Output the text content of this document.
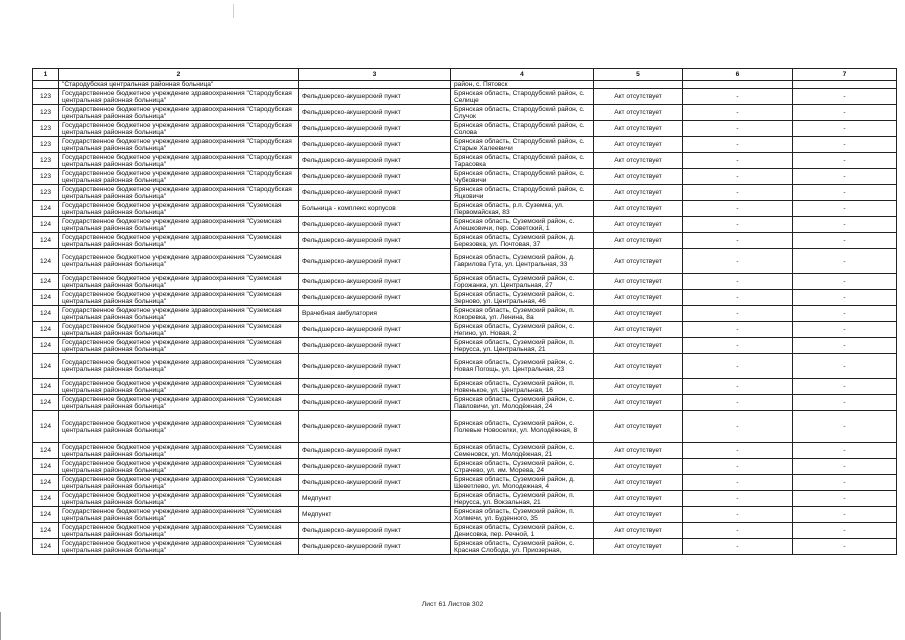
1	2	3	4	5	6	7
	"Стародубская центральная районная больница"		район, с. Пятовск			
123	Государственное бюджетное учреждение здравоохранения "Стародубская центральная районная больница"	Фельдшерско-акушерский пункт	Брянская область, Стародубский район, с. Селище	Акт отсутствует	-	-
123	Государственное бюджетное учреждение здравоохранения "Стародубская центральная районная больница"	Фельдшерско-акушерский пункт	Брянская область, Стародубский район, с. Случок	Акт отсутствует	-	-
123	Государственное бюджетное учреждение здравоохранения "Стародубская центральная районная больница"	Фельдшерско-акушерский пункт	Брянская область, Стародубский район, с. Солова	Акт отсутствует	-	-
123	Государственное бюджетное учреждение здравоохранения "Стародубская центральная районная больница"	Фельдшерско-акушерский пункт	Брянская область, Стародубский район, с. Старые Халеевичи	Акт отсутствует	-	-
123	Государственное бюджетное учреждение здравоохранения "Стародубская центральная районная больница"	Фельдшерско-акушерский пункт	Брянская область, Стародубский район, с. Тарасовка	Акт отсутствует	-	-
123	Государственное бюджетное учреждение здравоохранения "Стародубская центральная районная больница"	Фельдшерско-акушерский пункт	Брянская область, Стародубский район, с. Чубковичи	Акт отсутствует	-	-
123	Государственное бюджетное учреждение здравоохранения "Стародубская центральная районная больница"	Фельдшерско-акушерский пункт	Брянская область, Стародубский район, с. Яцковичи	Акт отсутствует	-	-
124	Государственное бюджетное учреждение здравоохранения "Суземская центральная районная больница"	Больница - комплекс корпусов	Брянская область, р.п. Суземка, ул. Первомайская, 83	Акт отсутствует	-	-
124	Государственное бюджетное учреждение здравоохранения "Суземская центральная районная больница"	Фельдшерско-акушерский пункт	Брянская область, Суземский район, с. Алешковичи, пер. Советский, 1	Акт отсутствует	-	-
124	Государственное бюджетное учреждение здравоохранения "Суземская центральная районная больница"	Фельдшерско-акушерский пункт	Брянская область, Суземский район, д. Березовка, ул. Почтовая, 37	Акт отсутствует	-	-
124	Государственное бюджетное учреждение здравоохранения "Суземская центральная районная больница"	Фельдшерско-акушерский пункт	Брянская область, Суземский район, д. Гаврилова Гута, ул. Центральная, 33	Акт отсутствует	-	-
124	Государственное бюджетное учреждение здравоохранения "Суземская центральная районная больница"	Фельдшерско-акушерский пункт	Брянская область, Суземский район, с. Горожанка, ул. Центральная, 27	Акт отсутствует	-	-
124	Государственное бюджетное учреждение здравоохранения "Суземская центральная районная больница"	Фельдшерско-акушерский пункт	Брянская область, Суземский район, с. Зерново, ул. Центральная, 46	Акт отсутствует	-	-
124	Государственное бюджетное учреждение здравоохранения "Суземская центральная районная больница"	Врачебная амбулатория	Брянская область, Суземский район, п. Кокоревка, ул. Ленина, 8а	Акт отсутствует	-	-
124	Государственное бюджетное учреждение здравоохранения "Суземская центральная районная больница"	Фельдшерско-акушерский пункт	Брянская область, Суземский район, с. Негино, ул. Новая, 2	Акт отсутствует	-	-
124	Государственное бюджетное учреждение здравоохранения "Суземская центральная районная больница"	Фельдшерско-акушерский пункт	Брянская область, Суземский район, п. Нерусса, ул. Центральная, 21	Акт отсутствует	-	-
124	Государственное бюджетное учреждение здравоохранения "Суземская центральная районная больница"	Фельдшерско-акушерский пункт	Брянская область, Суземский район, с. Новая Погощь, ул. Центральная, 23	Акт отсутствует	-	-
124	Государственное бюджетное учреждение здравоохранения "Суземская центральная районная больница"	Фельдшерско-акушерский пункт	Брянская область, Суземский район, п. Новенькое, ул. Центральная, 16	Акт отсутствует	-	-
124	Государственное бюджетное учреждение здравоохранения "Суземская центральная районная больница"	Фельдшерско-акушерский пункт	Брянская область, Суземский район, с. Павловичи, ул. Молодёжная, 24	Акт отсутствует	-	-
124	Государственное бюджетное учреждение здравоохранения "Суземская центральная районная больница"	Фельдшерско-акушерский пункт	Брянская область, Суземский район, с. Полевые Новоселки, ул. Молодёжная, 8	Акт отсутствует	-	-
124	Государственное бюджетное учреждение здравоохранения "Суземская центральная районная больница"	Фельдшерско-акушерский пункт	Брянская область, Суземский район, с. Семеновск, ул. Молодёжная, 21	Акт отсутствует	-	-
124	Государственное бюджетное учреждение здравоохранения "Суземская центральная районная больница"	Фельдшерско-акушерский пункт	Брянская область, Суземский район, с. Страчево, ул. им. Морева, 24	Акт отсутствует	-	-
124	Государственное бюджетное учреждение здравоохранения "Суземская центральная районная больница"	Фельдшерско-акушерский пункт	Брянская область, Суземский район, д. Шеветлево, ул. Молодежная, 4	Акт отсутствует	-	-
124	Государственное бюджетное учреждение здравоохранения "Суземская центральная районная больница"	Медпункт	Брянская область, Суземский район, п. Нерусса, ул. Вокзальная, 21	Акт отсутствует	-	-
124	Государственное бюджетное учреждение здравоохранения "Суземская центральная районная больница"	Медпункт	Брянская область, Суземский район, п. Холмечи, ул. Буденного, 35	Акт отсутствует	-	-
124	Государственное бюджетное учреждение здравоохранения "Суземская центральная районная больница"	Фельдшерско-акушерский пункт	Брянская область, Суземский район, с. Денисовка, пер. Речной, 1	Акт отсутствует	-	-
124	Государственное бюджетное учреждение здравоохранения "Суземская центральная районная больница"	Фельдшерско-акушерский пункт	Брянская область, Суземский район, с. Красная Слобода, ул. Приозерная,	Акт отсутствует	-	-
Лист 61 Листов 302
